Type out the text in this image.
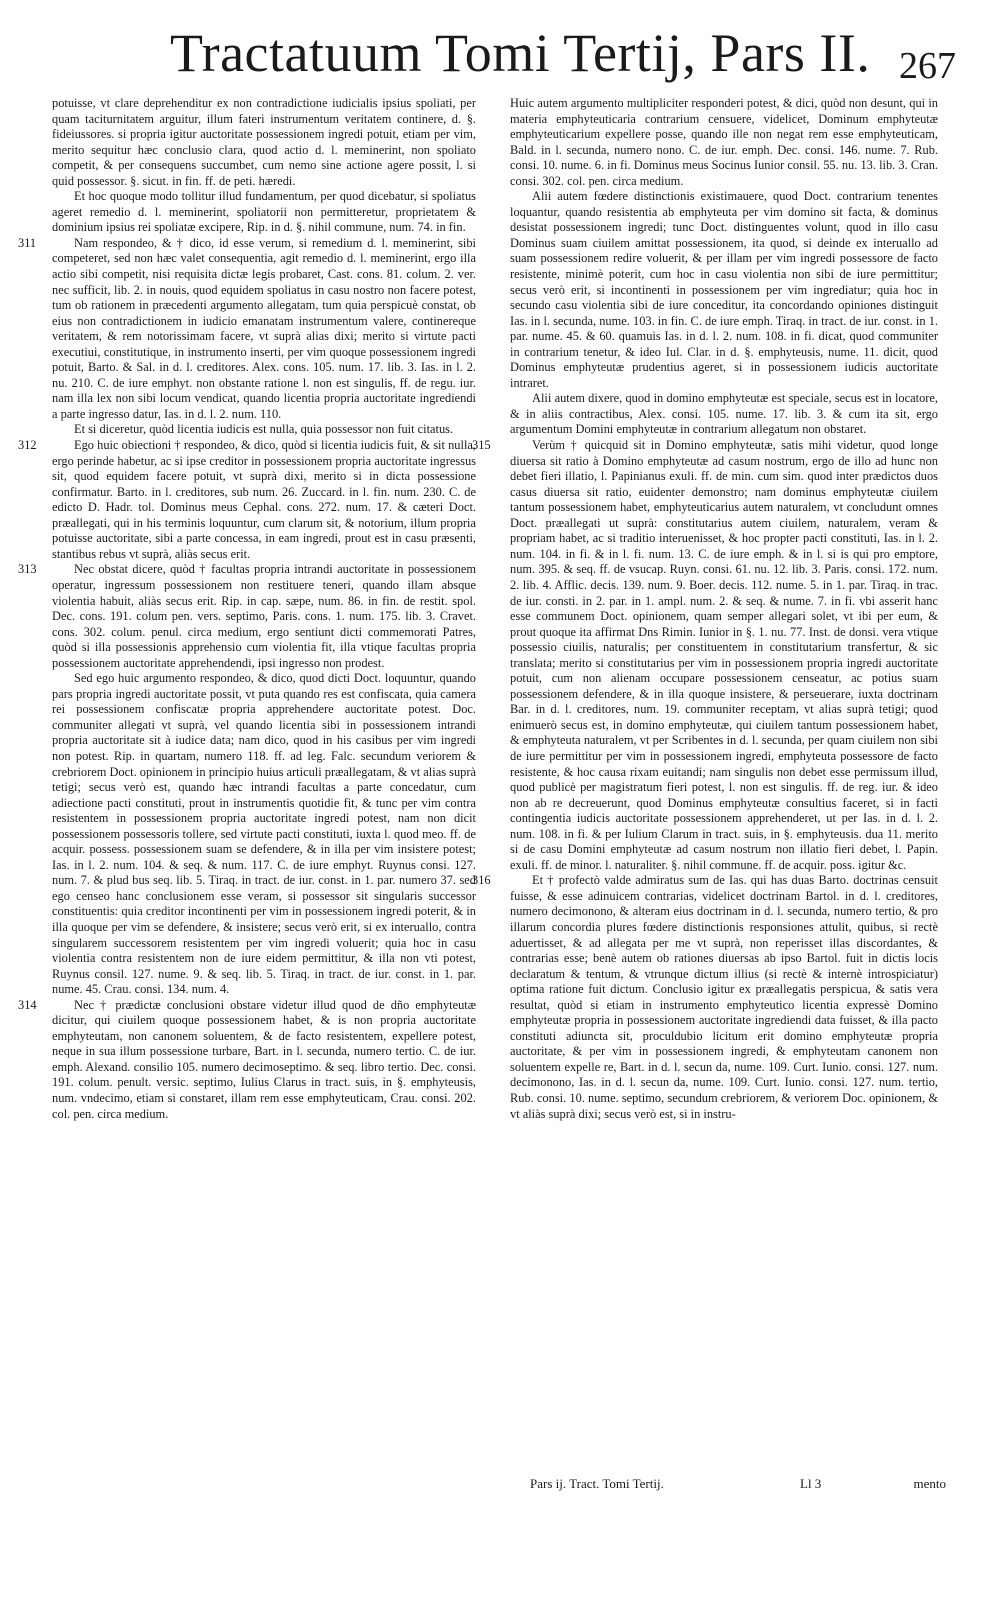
Tractatuum Tomi Tertij, Pars II. 267

potuisse, vt clare deprehenditur ex non contradictione iudicialis ipsius spoliati, per quam taciturnitatem arguitur, illum fateri instrumentum veritatem continere, d. §. fideiussores. si propria igitur auctoritate possessionem ingredi potuit, etiam per vim, merito sequitur hæc conclusio clara, quod actio d. l. meminerint, non spoliato competit, & per consequens succumbet, cum nemo sine actione agere possit, l. si quid possessor. §. sicut. in fin. ff. de peti. hæredi.

Et hoc quoque modo tollitur illud fundamentum, per quod dicebatur, si spoliatus ageret remedio d. l. meminerint, spoliatorii non permitteretur, proprietatem & dominium ipsius rei spoliatæ excipere, Rip. in d. §. nihil commune, num. 74. in fin.

311	Nam respondeo, & † dico, id esse verum, si remedium d. l. meminerint, sibi competeret, sed non hæc valet consequentia, agit remedio d. l. meminerint, ergo illa actio sibi competit, nisi requisita dictæ legis probaret, Cast. cons. 81. colum. 2. ver. nec sufficit, lib. 2. in nouis, quod equidem spoliatus in casu nostro non facere potest, tum ob rationem in præcedenti argumento allegatam, tum quia perspicuè constat, ob eius non contradictionem in iudicio emanatam instrumentum valere, continereque veritatem, & rem notorissimam facere, vt suprà alias dixi; merito si virtute pacti executiui, constitutique, in instrumento inserti, per vim quoque possessionem ingredi potuit, Barto. & Sal. in d. l. creditores. Alex. cons. 105. num. 17. lib. 3. Ias. in l. 2. nu. 210. C. de iure emphyt. non obstante ratione l. non est singulis, ff. de regu. iur. nam illa lex non sibi locum vendicat, quando licentia propria auctoritate ingrediendi a parte ingresso datur, Ias. in d. l. 2. num. 110.

Et si diceretur, quòd licentia iudicis est nulla, quia possessor non fuit citatus.

312	Ego huic obiectioni † respondeo, & dico, quòd si licentia iudicis fuit, & sit nulla, ergo perinde habetur, ac si ipse creditor in possessionem propria auctoritate ingressus sit, quod equidem facere potuit, vt suprà dixi, merito si in dicta possessione confirmatur. Barto. in l. creditores, sub num. 26. Zuccard. in l. fin. num. 230. C. de edicto D. Hadr. tol. Dominus meus Cephal. cons. 272. num. 17. & cæteri Doct. præallegati, qui in his terminis loquuntur, cum clarum sit, & notorium, illum propria potuisse auctoritate, sibi a parte concessa, in eam ingredi, prout est in casu præsenti, stantibus rebus vt suprà, aliàs secus erit.

313	Nec obstat dicere, quòd † facultas propria intrandi auctoritate in possessionem operatur, ingressum possessionem non restituere teneri, quando illam absque violentia habuit, aliàs secus erit. Rip. in cap. sæpe, num. 86. in fin. de restit. spol. Dec. cons. 191. colum pen. vers. septimo, Paris. cons. 1. num. 175. lib. 3. Cravet. cons. 302. colum. penul. circa medium, ergo sentiunt dicti commemorati Patres, quòd si illa possessionis apprehensio cum violentia fit, illa vtique facultas propria possessionem auctoritate apprehendendi, ipsi ingresso non prodest.

Sed ego huic argumento respondeo, & dico, quod dicti Doct. loquuntur, quando pars propria ingredi auctoritate possit, vt puta quando res est confiscata, quia camera rei possessionem confiscatæ propria apprehendere auctoritate potest. Doc. communiter allegati vt suprà, vel quando licentia sibi in possessionem intrandi propria auctoritate sit à iudice data; nam dico, quod in his casibus per vim ingredi non potest. Rip. in quartam, numero 118. ff. ad leg. Falc. secundum veriorem & crebriorem Doct. opinionem in principio huius articuli præallegatam, & vt alias suprà tetigi; secus verò est, quando hæc intrandi facultas a parte concedatur, cum adiectione pacti constituti, prout in instrumentis quotidie fit, & tunc per vim contra resistentem in possessionem propria auctoritate ingredi potest, nam non dicit possessionem possessoris tollere, sed virtute pacti constituti, iuxta l. quod meo. ff. de acquir. possess. possessionem suam se defendere, & in illa per vim insistere potest; Ias. in l. 2. num. 104. & seq. & num. 117. C. de iure emphyt. Ruynus consi. 127. num. 7. & plud bus seq. lib. 5. Tiraq. in tract. de iur. const. in 1. par. numero 37. sed ego censeo hanc conclusionem esse veram, si possessor sit singularis successor constituentis: quia creditor incontinenti per vim in possessionem ingredi poterit, & in illa quoque per vim se defendere, & insistere; secus verò erit, si ex interuallo, contra singularem successorem resistentem per vim ingredi voluerit; quia hoc in casu violentia contra resistentem non de iure eidem permittitur, & illa non vti potest, Ruynus consil. 127. nume. 9. & seq. lib. 5. Tiraq. in tract. de iur. const. in 1. par. nume. 45. Crau. consi. 134. num. 4.

314	Nec † prædictæ conclusioni obstare videtur illud quod de dño emphyteutæ dicitur, qui ciuilem quoque possessionem habet, & is non propria auctoritate emphyteutam, non canonem soluentem, & de facto resistentem, expellere potest, neque in sua illum possessione turbare, Bart. in l. secunda, numero tertio. C. de iur. emph. Alexand. consilio 105. numero decimoseptimo. & seq. libro tertio. Dec. consi. 191. colum. penult. versic. septimo, Iulius Clarus in tract. suis, in §. emphyteusis, num. vndecimo, etiam si constaret, illam rem esse emphyteuticam, Crau. consi. 202. col. pen. circa medium.

Huic autem argumento multipliciter responderi potest, & dici, quòd non desunt, qui in materia emphyteuticaria contrarium censuere, videlicet, Dominum emphyteutæ emphyteuticarium expellere posse, quando ille non negat rem esse emphyteuticam, Bald. in l. secunda, numero nono. C. de iur. emph. Dec. consi. 146. nume. 7. Rub. consi. 10. nume. 6. in fi. Dominus meus Socinus Iunior consil. 55. nu. 13. lib. 3. Cran. consi. 302. col. pen. circa medium.

Alii autem fœdere distinctionis existimauere, quod Doct. contrarium tenentes loquantur, quando resistentia ab emphyteuta per vim domino sit facta, & dominus desistat possessionem ingredi; tunc Doct. distinguentes volunt, quod in illo casu Dominus suam ciuilem amittat possessionem, ita quod, si deinde ex interuallo ad suam possessionem redire voluerit, & per illam per vim ingredi possessore de facto resistente, minimè poterit, cum hoc in casu violentia non sibi de iure permittitur; secus verò erit, si incontinenti in possessionem per vim ingrediatur; quia hoc in secundo casu violentia sibi de iure conceditur, ita concordando opiniones distinguit Ias. in l. secunda, nume. 103. in fin. C. de iure emph. Tiraq. in tract. de iur. const. in 1. par. nume. 45. & 60. quamuis Ias. in d. l. 2. num. 108. in fi. dicat, quod communiter in contrarium tenetur, & ideo Iul. Clar. in d. §. emphyteusis, nume. 11. dicit, quod Dominus emphyteutæ prudentius ageret, si in possessionem iudicis auctoritate intraret.

Alii autem dixere, quod in domino emphyteutæ est speciale, secus est in locatore, & in aliis contractibus, Alex. consi. 105. nume. 17. lib. 3. & cum ita sit, ergo argumentum Domini emphyteutæ in contrarium allegatum non obstaret.

315	Verùm † quicquid sit in Domino emphyteutæ, satis mihi videtur, quod longe diuersa sit ratio à Domino emphyteutæ ad casum nostrum, ergo de illo ad hunc non debet fieri illatio, l. Papinianus exuli. ff. de min. cum sim. quod inter prædictos duos casus diuersa sit ratio, euidenter demonstro; nam dominus emphyteutæ ciuilem tantum possessionem habet, emphyteuticarius autem naturalem, vt concludunt omnes Doct. præallegati ut suprà: constitutarius autem ciuilem, naturalem, veram & propriam habet, ac si traditio interuenisset, & hoc propter pacti constituti, Ias. in l. 2. num. 104. in fi. & in l. fi. num. 13. C. de iure emph. & in l. si is qui pro emptore, num. 395. & seq. ff. de vsucap. Ruyn. consi. 61. nu. 12. lib. 3. Paris. consi. 172. num. 2. lib. 4. Afflic. decis. 139. num. 9. Boer. decis. 112. nume. 5. in 1. par. Tiraq. in trac. de iur. consti. in 2. par. in 1. ampl. num. 2. & seq. & nume. 7. in fi. vbi asserit hanc esse communem Doct. opinionem, quam semper allegari solet, vt ibi per eum, & prout quoque ita affirmat Dns Rimin. Iunior in §. 1. nu. 77. Inst. de donsi. vera vtique possessio ciuilis, naturalis; per constituentem in constitutarium transfertur, & sic translata; merito si constitutarius per vim in possessionem propria ingredi auctoritate potuit, cum non alienam occupare possessionem censeatur, ac potius suam possessionem defendere, & in illa quoque insistere, & perseuerare, iuxta doctrinam Bar. in d. l. creditores, num. 19. communiter receptam, vt alias suprà tetigi; quod enimuerò secus est, in domino emphyteutæ, qui ciuilem tantum possessionem habet, & emphyteuta naturalem, vt per Scribentes in d. l. secunda, per quam ciuilem non sibi de iure permittitur per vim in possessionem ingredi, emphyteuta possessore de facto resistente, & hoc causa rixam euitandi; nam singulis non debet esse permissum illud, quod publicè per magistratum fieri potest, l. non est singulis. ff. de reg. iur. & ideo non ab re decreuerunt, quod Dominus emphyteutæ consultius faceret, si in facti contingentia iudicis auctoritate possessionem apprehenderet, ut per Ias. in d. l. 2. num. 108. in fi. & per Iulium Clarum in tract. suis, in §. emphyteusis. dua 11. merito si de casu Domini emphyteutæ ad casum nostrum non illatio fieri debet, l. Papin. exuli. ff. de minor. l. naturaliter. §. nihil commune. ff. de acquir. poss. igitur &c.

316	Et † profectò valde admiratus sum de Ias. qui has duas Barto. doctrinas censuit fuisse, & esse adinuicem contrarias, videlicet doctrinam Bartol. in d. l. creditores, numero decimonono, & alteram eius doctrinam in d. l. secunda, numero tertio, & pro illarum concordia plures fœdere distinctionis responsiones attulit, quibus, si rectè aduertisset, & ad allegata per me vt suprà, non reperisset illas discordantes, & contrarias esse; benè autem ob rationes diuersas ab ipso Bartol. fuit in dictis locis declaratum & tentum, & vtrunque dictum illius (si rectè & internè introspiciatur) optima ratione fuit dictum. Conclusio igitur ex præallegatis perspicua, & satis vera resultat, quòd si etiam in instrumento emphyteutico licentia expressè Domino emphyteutæ propria in possessionem auctoritate ingrediendi data fuisset, & illa pacto constituti adiuncta sit, proculdubio licitum erit domino emphyteutæ propria auctoritate, & per vim in possessionem ingredi, & emphyteutam canonem non soluentem expelle re, Bart. in d. l. secun da, nume. 109. Curt. Iunio. consi. 127. num. decimonono, Ias. in d. l. secun da, nume. 109. Curt. Iunio. consi. 127. num. tertio, Rub. consi. 10. nume. septimo, secundum crebriorem, & veriorem Doc. opinionem, & vt aliàs suprà dixi; secus verò est, si in instru-

Pars ij. Tract. Tomi Tertij.	Ll 3	mento
